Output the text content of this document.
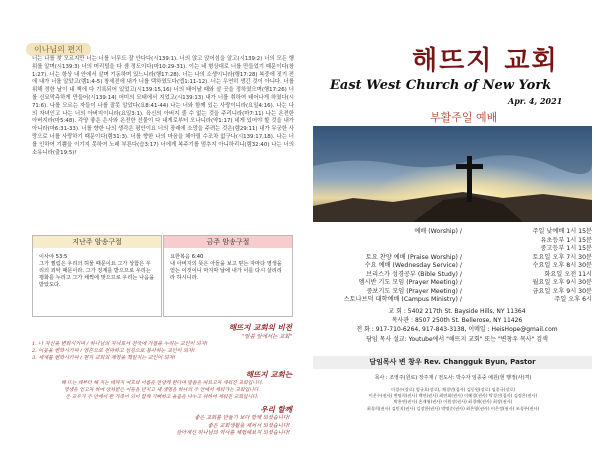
이나님의 편지
너는 나를 찾 모르지만 너는 너를 너무도 잘 안다다(시139:1). 너의 앉고 앉어섬을 알고(시139:2) 너의 모든 행위를 알며(시139:3) 너의 머리털을 다 셈 정도이다(마10:29-31). 이는 네 형상대로 너를 만들었기 때문이다(창1:27). 너는 항상 내 안에서 살며 기동하며 있느니라(행17:28). 너는 나의 소생이니라(행17:28) 복중에 짓기 전에 내가 너를 알았고(렘1:4-5) 창세전에 내가 너를 택하였도다(엡1:11-12). 너는 우연히 생긴 것이 아니다. 너를 위해 정한 날이 내 책에 다 기록되어 있었고(시139:15,16) 너의 태어날 때와 살 곳을 정하였으며(행17:26) 너를 신묘막측하게 만들어(시139:14) 어미의 모태에서 지었고(시139:13) 내가 너를 취하여 태어나게 하였다(시71:6). 나를 모르는 자들이 나를 잘못 알았다(요8:41-44) 나는 너와 함께 있는 사랑이니라(요일4:16). 나는 나의 자녀인고 나는 너의 아버지이니라(요일3:1). 육신의 아버지 줄 수 없는 것을 주리니라(마7:11) 나는 온전한 아버지라(마5:48). 각양 좋은 은사와 온전한 선물이 다 내게로부터 오나니라(약1:17) 네게 있어야 할 것을 내가 아니라(마6:31-33). 너를 향한 나의 생각은 평안이요 너의 장래에 소망을 주려는 것은(렘29:11) 내가 무궁한 사랑으로 너를 사랑하기 때문이다(렘31:3). 너를 향한 나의 마음을 헤아릴 수조차 없구나(시139:17,18). 나는 너를 인하여 기쁨을 이기지 못하여 노래 부른다(습3:17) 너에게 복주기를 멈추지 아니하리니(렘32:40) 나는 너의 소유니라(출19:5)!
지난주 암송구절
이사야 53:5
그가 찔림은 우리의 허물 때문이요 그가 상함은 우리의 죄악 때문이라. 그가 징계를 받으므로 우리는 평화를 누리고 그가 채찍에 맞으므로 우리는 나음을 받았도다.
금주 암송구절
요한복음 6:40
내 아버지의 뜻은 아들을 보고 믿는 자마다 영생을 얻는 이것이니 마지막 날에 내가 이를 다시 살리리라 하시니라.
해뜨지 교회의 비전
"말씀 앞에서는 교회"
1. 나 자신을 변화시키며 / 하나님의 자녀로서 전국에 가봅을 누리는 교인이 되자!
2. 이웃을 변화시키며 / 영혼으로 전파하고 섬김으로 봉사하는 교인이 되자!
3. 세계를 변화시키며 / 현지 교회의 재영을 책임지는 교인이 되자!
해뜨지 교회는
해 뜨는 데부터 해 지는 데까지 여호와 이름을 찬양케 한다며 말씀을 따르고자 세워진 교회입니다.
영생을 얻고자 하여 상처받은 이들을 만지고 새 생명을 하나의 주 안에서 세워가는 교회입니다.
온 교우가 주 안에서 한 가족이 되어 함께 기뻐하고 울음을 나누고 위하여 세워진 교회입니다.
우리 할께
좋은 교회를 만들기 보다 함께 되셨습니다!
좋은 교회생활을 제쳐서 되셨습니다!
살아계신 하나님의 역사를 체험해보지 되셨습니다!
해뜨지 교회
East West Church of New York
Apr. 4, 2021
부활주일 예배
예배 (Worship) /	주일 낮예배 1시 15분
유초등부 1시 15분
중고등부 1시 15분
토요 찬양 예배 (Praise Worship) /	토요일 오후 7시 30분
수요 예배 (Wednesday Service) /	수요일 오후 8시 30분
브리스가 성경공부 (Bible Study) /	화요일 오전 11시
엠시반 기도 모임 (Prayer Meeting) /	월요일 오후 9시 30분
중보기도 모임 (Prayer Meeting) /	금요일 오후 9시 30분
스토나브덕 대학예배 (Campus Ministry) /	주일 오후 6시
교 회 : 5402 217th St. Bayside Hills, NY 11364
목사관 : 8507 250th St. Bellerose, NY 11426
전 화 : 917-710-6264, 917-843-3138, 이메일 : HeisHope@gmail.com
담임 목사 설교: Youtube에서 "해뜨지 교회" 또는 "변창우 목사" 검색
담임목사 변 창우 Rev. Changguk Byun, Pastor
목사 : 조영주(원로) 장주재 / 전도사: 박수자 임종중 예원(현 행정(사)격)
이경수(장로) 엄규호(장로), 채경민(집사) 김동원(장로) 임종규(장로)
이은수(권사) 변명희(권사) 백연(권사) 최연회(권사) 이혜경(권사) 탁경진(집사) 김정은(권사)
박홍연(권사) 손재영(권사) 이원장(권사) 최경례(권사) 최장(권사)
최경희(권사) 김민지(권사) 김장한(권사) 박명순(권사) 최은영(권사) 이은정(권사) 조경주(권사)
